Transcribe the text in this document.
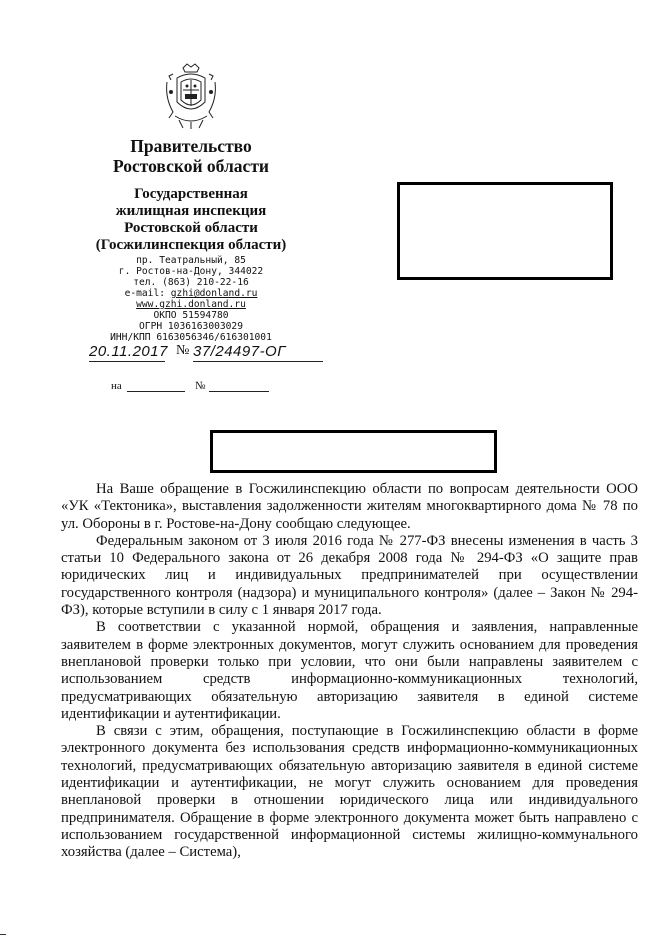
Правительство
Ростовской области
Государственная
жилищная инспекция
Ростовской области
(Госжилинспекция области)
пр. Театральный, 85
г. Ростов-на-Дону, 344022
тел. (863) 210-22-16
e-mail: gzhi@donland.ru
www.gzhi.donland.ru
ОКПО 51594780
ОГРН 1036163003029
ИНН/КПП 6163056346/616301001
20.11.2017 № 37/24497-ОГ
на	№

На Ваше обращение в Госжилинспекцию области по вопросам деятельности ООО «УК «Тектоника», выставления задолженности жителям многоквартирного дома № 78 по ул. Обороны в г. Ростове-на-Дону сообщаю следующее.

Федеральным законом от 3 июля 2016 года № 277-ФЗ внесены изменения в часть 3 статьи 10 Федерального закона от 26 декабря 2008 года № 294-ФЗ «О защите прав юридических лиц и индивидуальных предпринимателей при осуществлении государственного контроля (надзора) и муниципального контроля» (далее – Закон № 294-ФЗ), которые вступили в силу с 1 января 2017 года.

В соответствии с указанной нормой, обращения и заявления, направленные заявителем в форме электронных документов, могут служить основанием для проведения внеплановой проверки только при условии, что они были направлены заявителем с использованием средств информационно-коммуникационных технологий, предусматривающих обязательную авторизацию заявителя в единой системе идентификации и аутентификации.

В связи с этим, обращения, поступающие в Госжилинспекцию области в форме электронного документа без использования средств информационно-коммуникационных технологий, предусматривающих обязательную авторизацию заявителя в единой системе идентификации и аутентификации, не могут служить основанием для проведения внеплановой проверки в отношении юридического лица или индивидуального предпринимателя. Обращение в форме электронного документа может быть направлено с использованием государственной информационной системы жилищно-коммунального хозяйства (далее – Система),
